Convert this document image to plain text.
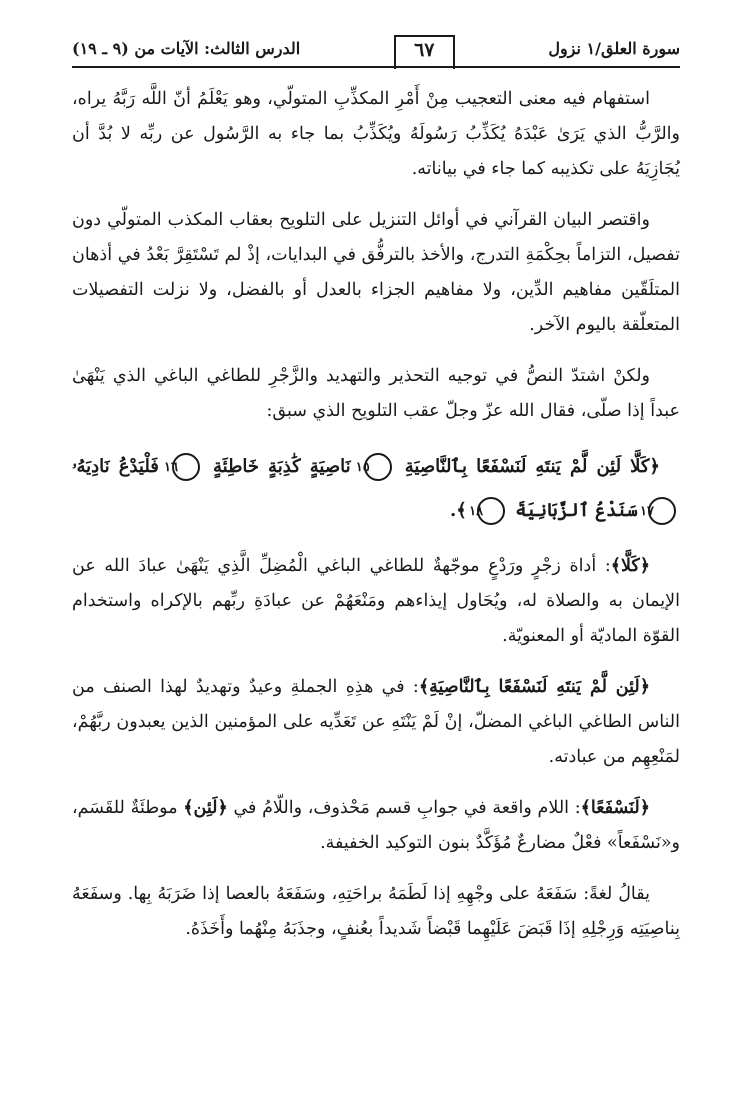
سورة العلق/١ نزول
٦٧
الدرس الثالث: الآيات من (٩ ـ ١٩)

استفهام فيه معنى التعجيب مِنْ أَمْرِ المكذِّبِ المتولّي، وهو يَعْلَمُ أنّ اللَّه رَبَّهُ يراه، والرَّبُّ الذي يَرَىٰ عَبْدَهُ يُكَذِّبُ رَسُولَهُ ويُكَذِّبُ بما جاء به الرَّسُول عن ربِّه لا بُدَّ أن يُجَازِيَهُ على تكذيبه كما جاء في بياناته.

واقتصر البيان القرآني في أوائل التنزيل على التلويح بعقاب المكذب المتولّي دون تفصيل، التزاماً بحِكْمَةِ التدرج، والأخذ بالترفُّق في البدايات، إذْ لم تَسْتَقِرَّ بَعْدُ في أذهان المتلَقّين مفاهيم الدِّين، ولا مفاهيم الجزاء بالعدل أو بالفضل، ولا نزلت التفصيلات المتعلّقة باليوم الآخر.

ولكنْ اشتدّ النصُّ في توجيه التحذير والتهديد والزَّجْرِ للطاغي الباغي الذي يَنْهَىٰ عبداً إذا صلّى، فقال الله عزّ وجلّ عقب التلويح الذي سبق:

﴿كَلَّا لَئِن لَّمْ يَنتَهِ لَنَسْفَعًا بِٱلنَّاصِيَةِ ١٥ نَاصِيَةٍ كَٰذِبَةٍ خَاطِئَةٍ ١٦ فَلْيَدْعُ نَادِيَهُۥ ١٧ سَنَدْعُ ٱلزَّبَانِيَةَ ١٨ ﴾.

﴿كَلَّا﴾: أداة زجْرٍ ورَدْعٍ موجّهةٌ للطاغي الباغي الْمُضِلِّ الَّذِي يَنْهَىٰ عبادَ الله عن الإيمان به والصلاة له، ويُحَاول إيذاءهم ومَنْعَهُمْ عن عبادَةِ ربِّهم بالإكراه واستخدام القوّة الماديّة أو المعنويّة.

﴿لَئِن لَّمْ يَنتَهِ لَنَسْفَعًا بِٱلنَّاصِيَةِ﴾: في هذِهِ الجملةِ وعيدٌ وتهديدٌ لهذا الصنف من الناس الطاغي الباغي المضلّ، إنْ لَمْ يَنْتَهِ عن تَعَدِّيه على المؤمنين الذين يعبدون ربَّهُمْ، لمَنْعِهِم من عبادته.

﴿لَنَسْفَعًا﴾: اللام واقعة في جوابِ قسم مَحْذوف، واللّامُ في ﴿لَئِن﴾ موطئَةٌ للقَسَم، و«نَسْفَعاً» فعْلٌ مضارعٌ مُؤَكَّدٌ بنون التوكيد الخفيفة.

يقالُ لغةً: سَفَعَهُ على وجْهِهِ إذا لَطَمَهُ براحَتِهِ، وسَفَعَهُ بالعصا إذا ضَرَبَهُ بِها. وسفَعَهُ بِناصِيَتِه وَرِجْلِهِ إذَا قَبَضَ عَلَيْهِما قَبْضاً شَديداً بعُنفٍ، وجذَبَهُ مِنْهُما وأَخَذَهُ.
